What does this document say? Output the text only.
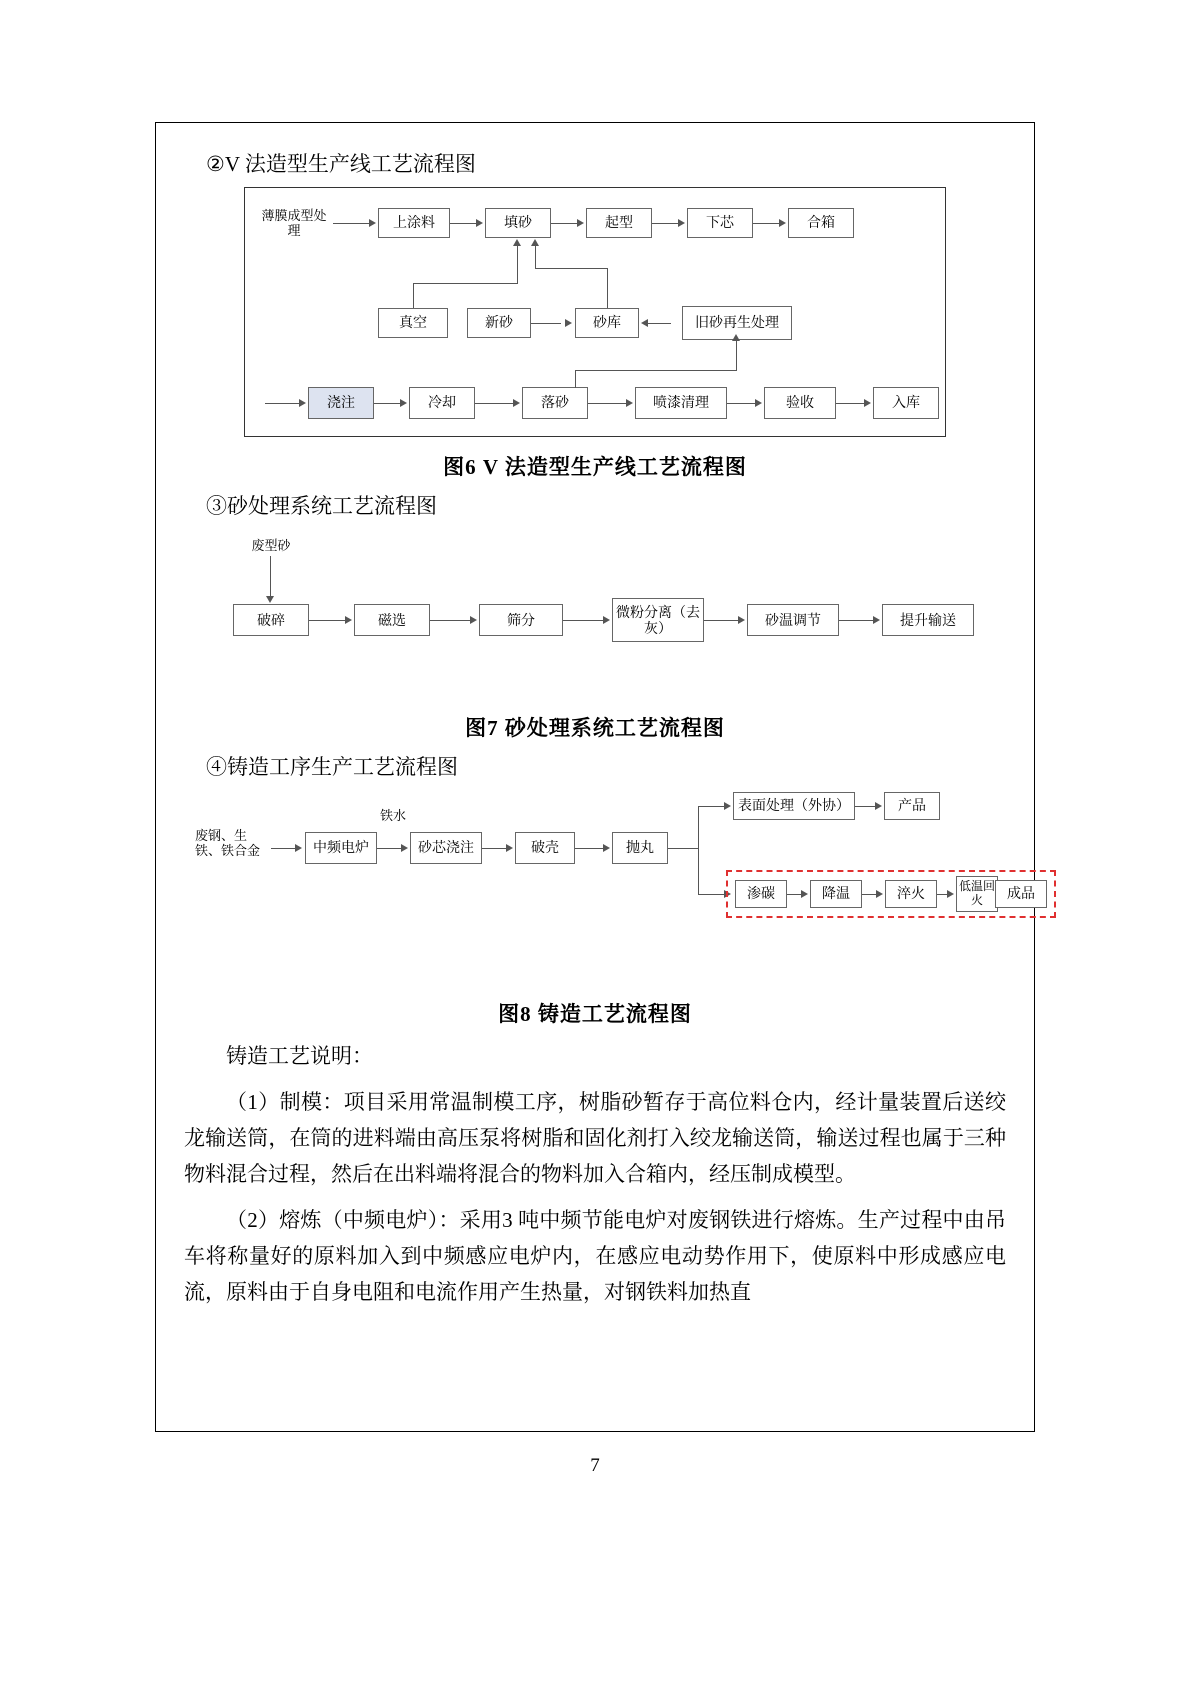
②V 法造型生产线工艺流程图
薄膜成型处理
上涂料	填砂	起型	下芯	合箱
真空	新砂	砂库	旧砂再生处理
浇注	冷却	落砂	喷漆清理	验收	入库
图6 V 法造型生产线工艺流程图
③砂处理系统工艺流程图
废型砂
破碎	磁选	筛分
微粉分离（去灰）
砂温调节	提升输送
图7 砂处理系统工艺流程图
④铸造工序生产工艺流程图
废钢、生铁、铁合金	中频电炉
铁水
砂芯浇注	破壳	抛丸
表面处理（外协）	产品
渗碳	降温	淬火	低温回火	成品
图8 铸造工艺流程图
铸造工艺说明：
（1）制模：项目采用常温制模工序，树脂砂暂存于高位料仓内，经计量装置后送绞龙输送筒，在筒的进料端由高压泵将树脂和固化剂打入绞龙输送筒，输送过程也属于三种物料混合过程，然后在出料端将混合的物料加入合箱内，经压制成模型。
（2）熔炼（中频电炉）：采用3 吨中频节能电炉对废钢铁进行熔炼。生产过程中由吊车将称量好的原料加入到中频感应电炉内，在感应电动势作用下，使原料中形成感应电流，原料由于自身电阻和电流作用产生热量，对钢铁料加热直
7
